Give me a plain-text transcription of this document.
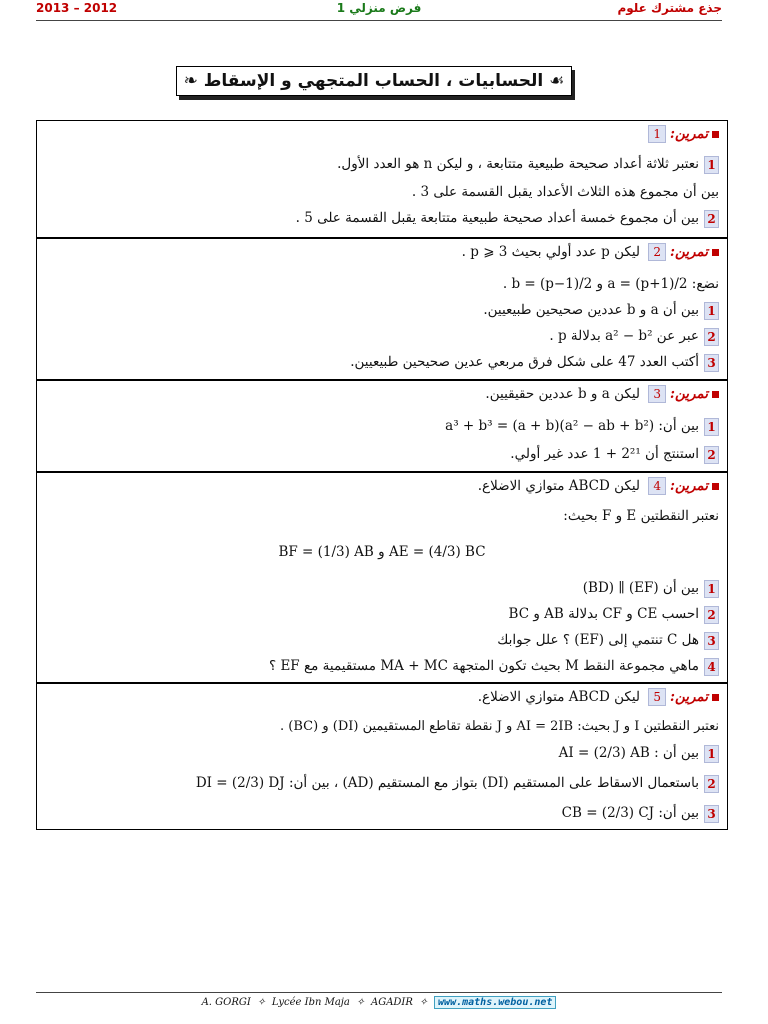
2013 – 2012	فرض منزلي 1	جذع مشترك علوم
☙ الحسابيات ، الحساب المتجهي و الإسقاط ❧
تمرين:1
1نعتبر ثلاثة أعداد صحيحة طبيعية متتابعة ، و ليكن n هو العدد الأول.
بين أن مجموع هذه الثلاث الأعداد يقبل القسمة على 3 .
2بين أن مجموع خمسة أعداد صحيحة طبيعية متتابعة يقبل القسمة على 5 .
تمرين:2 ليكن p عدد أولي بحيث p ⩾ 3 .
نضع: a = (p+1)/2 و b = (p−1)/2 .
1بين أن a و b عددين صحيحين طبيعيين.
2عبر عن a² − b² بدلالة p .
3أكتب العدد 47 على شكل فرق مربعي عدين صحيحين طبيعيين.
تمرين:3 ليكن a و b عددين حقيقيين.
1بين أن: a³ + b³ = (a + b)(a² − ab + b²)
2استنتج أن 2²¹ + 1 عدد غير أولي.
تمرين:4 ليكن ABCD متوازي الاضلاع.
نعتبر النقطتين E و F بحيث:
AE = (4/3) BC و BF = (1/3) AB
1بين أن (EF) ∥ (BD)
2احسب CE و CF بدلالة AB و BC
3هل C تنتمي إلى (EF) ؟ علل جوابك
4ماهي مجموعة النقط M بحيث تكون المتجهة MA + MC مستقيمية مع EF ؟
تمرين:5 ليكن ABCD متوازي الاضلاع.
نعتبر النقطتين I و J بحيث: AI = 2IB و J نقطة تقاطع المستقيمين (DI) و (BC) .
1بين أن : AI = (2/3) AB
2باستعمال الاسقاط على المستقيم (DI) بتواز مع المستقيم (AD) ، بين أن: DI = (2/3) DJ
3بين أن: CB = (2/3) CJ
A. GORGI ✧ Lycée Ibn Maja ✧ AGADIR ✧ www.maths.webou.net
